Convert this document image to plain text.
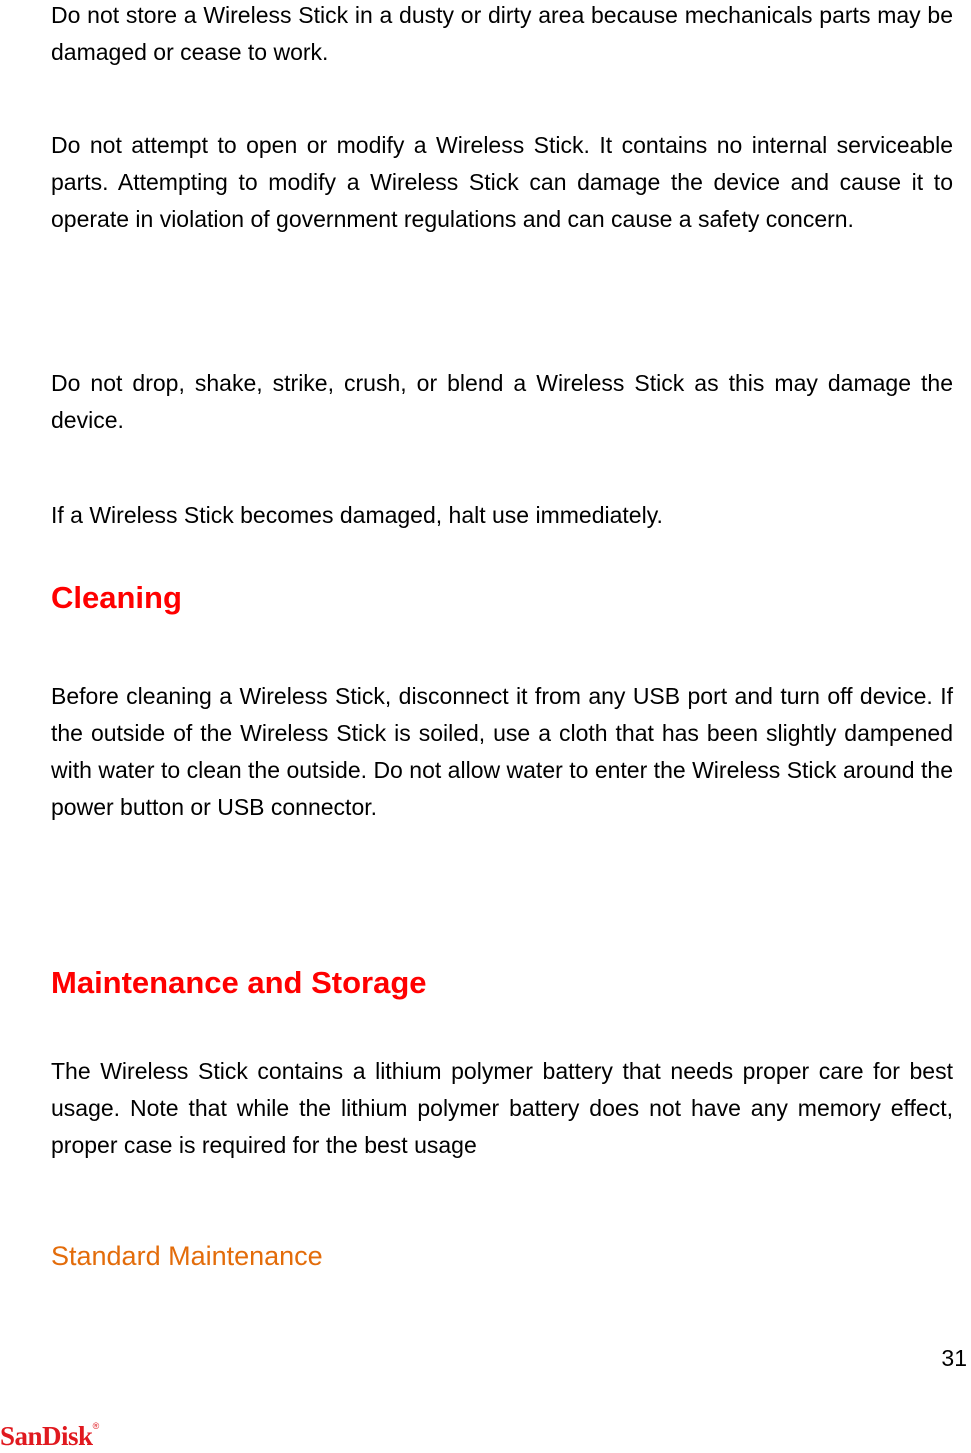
Do not store a Wireless Stick in a dusty or dirty area because mechanicals parts may be damaged or cease to work.

Do not attempt to open or modify a Wireless Stick. It contains no internal serviceable parts. Attempting to modify a Wireless Stick can damage the device and cause it to operate in violation of government regulations and can cause a safety concern.

Do not drop, shake, strike, crush, or blend a Wireless Stick as this may damage the device.

If a Wireless Stick becomes damaged, halt use immediately.

Cleaning

Before cleaning a Wireless Stick, disconnect it from any USB port and turn off device. If the outside of the Wireless Stick is soiled, use a cloth that has been slightly dampened with water to clean the outside. Do not allow water to enter the Wireless Stick around the power button or USB connector.

Maintenance and Storage

The Wireless Stick contains a lithium polymer battery that needs proper care for best usage. Note that while the lithium polymer battery does not have any memory effect, proper case is required for the best usage

Standard Maintenance
31
SanDisk®
